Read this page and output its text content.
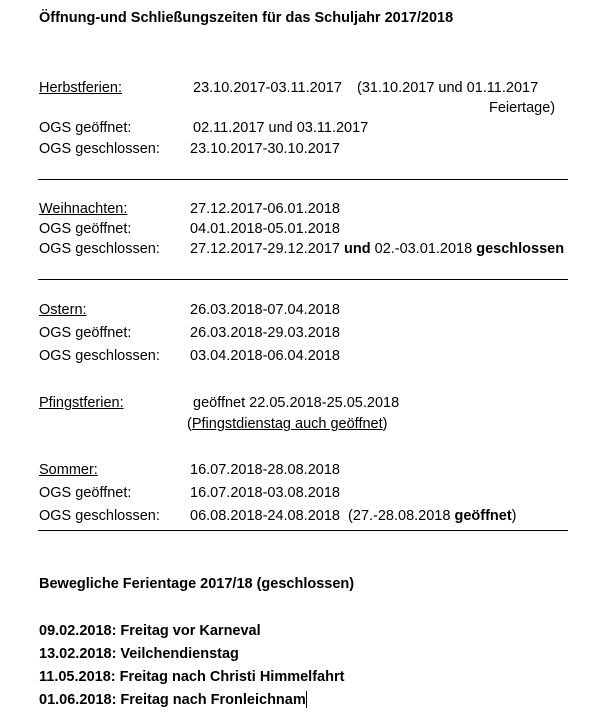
Öffnung-und Schließungszeiten für das Schuljahr 2017/2018
Herbstferien:	23.10.2017-03.11.2017 (31.10.2017 und 01.11.2017
Feiertage)
OGS geöffnet:	02.11.2017 und 03.11.2017
OGS geschlossen: 23.10.2017-30.10.2017
Weihnachten:	27.12.2017-06.01.2018
OGS geöffnet:	04.01.2018-05.01.2018
OGS geschlossen: 27.12.2017-29.12.2017 und 02.-03.01.2018 geschlossen
Ostern:	26.03.2018-07.04.2018
OGS geöffnet:	26.03.2018-29.03.2018
OGS geschlossen: 03.04.2018-06.04.2018
Pfingstferien:	geöffnet 22.05.2018-25.05.2018
(Pfingstdienstag auch geöffnet)
Sommer:	16.07.2018-28.08.2018
OGS geöffnet:	16.07.2018-03.08.2018
OGS geschlossen: 06.08.2018-24.08.2018 (27.-28.08.2018 geöffnet)
Bewegliche Ferientage 2017/18 (geschlossen)
09.02.2018: Freitag vor Karneval
13.02.2018: Veilchendienstag
11.05.2018: Freitag nach Christi Himmelfahrt
01.06.2018: Freitag nach Fronleichnam
